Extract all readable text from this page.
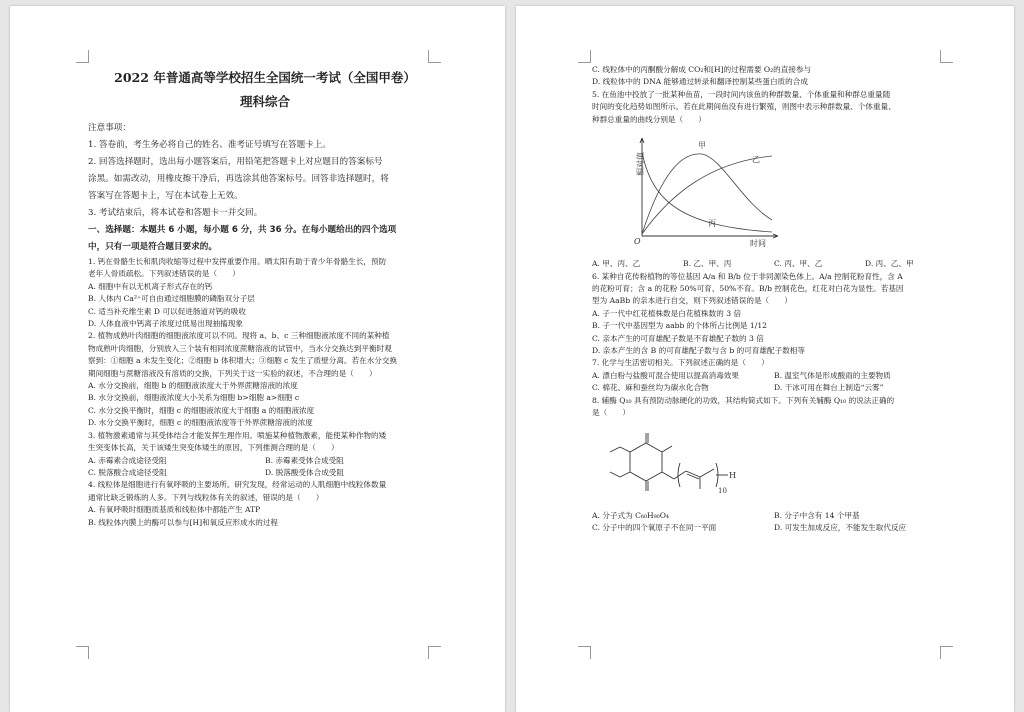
2022 年普通高等学校招生全国统一考试（全国甲卷）
理科综合
注意事项：
1. 答卷前，考生务必将自己的姓名、准考证号填写在答题卡上。
2. 回答选择题时，选出每小题答案后，用铅笔把答题卡上对应题目的答案标号
涂黑。如需改动，用橡皮擦干净后，再选涂其他答案标号。回答非选择题时，将
答案写在答题卡上，写在本试卷上无效。
3. 考试结束后，将本试卷和答题卡一并交回。
一、选择题：本题共 6 小题，每小题 6 分，共 36 分。在每小题给出的四个选项
中，只有一项是符合题目要求的。
1. 钙在骨骼生长和肌肉收缩等过程中发挥重要作用。晒太阳有助于青少年骨骼生长，预防
老年人骨质疏松。下列叙述错误的是（　　）
A. 细胞中有以无机离子形式存在的钙
B. 人体内 Ca²⁺可自由通过细胞膜的磷脂双分子层
C. 适当补充维生素 D 可以促进肠道对钙的吸收
D. 人体血液中钙离子浓度过低易出现抽搐现象
2. 植物成熟叶肉细胞的细胞液浓度可以不同。现将 a、b、c 三种细胞液浓度不同的某种植
物成熟叶肉细胞，分别放入三个装有相同浓度蔗糖溶液的试管中，当水分交换达到平衡时观
察到：①细胞 a 未发生变化；②细胞 b 体积增大；③细胞 c 发生了质壁分离。若在水分交换
期间细胞与蔗糖溶液没有溶质的交换，下列关于这一实验的叙述，不合理的是（　　）
A. 水分交换前，细胞 b 的细胞液浓度大于外界蔗糖溶液的浓度
B. 水分交换前，细胞液浓度大小关系为细胞 b>细胞 a>细胞 c
C. 水分交换平衡时，细胞 c 的细胞液浓度大于细胞 a 的细胞液浓度
D. 水分交换平衡时，细胞 c 的细胞液浓度等于外界蔗糖溶液的浓度
3. 植物激素通常与其受体结合才能发挥生理作用。喷施某种植物激素，能使某种作物的矮
生突变体长高，关于该矮生突变体矮生的原因，下列推测合理的是（　　）
A. 赤霉素合成途径受阻	B. 赤霉素受体合成受阻
C. 脱落酸合成途径受阻	D. 脱落酸受体合成受阻
4. 线粒体是细胞进行有氧呼吸的主要场所。研究发现，经常运动的人肌细胞中线粒体数量
通常比缺乏锻炼的人多。下列与线粒体有关的叙述，错误的是（　　）
A. 有氧呼吸时细胞质基质和线粒体中都能产生 ATP
B. 线粒体内膜上的酶可以参与[H]和氧反应形成水的过程
C. 线粒体中的丙酮酸分解成 CO₂和[H]的过程需要 O₂的直接参与
D. 线粒体中的 DNA 能够通过转录和翻译控制某些蛋白质的合成
5. 在鱼池中投放了一批某种鱼苗，一段时间内该鱼的种群数量、个体重量和种群总重量随
时间的变化趋势如图所示。若在此期间鱼没有进行繁殖，则图中表示种群数量、个体重量、
种群总重量的曲线分别是（　　）
相对值
时间
O
甲
乙
丙
A. 甲、丙、乙	B. 乙、甲、丙	C. 丙、甲、乙	D. 丙、乙、甲
6. 某种自花传粉植物的等位基因 A/a 和 B/b 位于非同源染色体上。A/a 控制花粉育性，含 A
的花粉可育；含 a 的花粉 50%可育、50%不育。B/b 控制花色，红花对白花为显性。若基因
型为 AaBb 的亲本进行自交，则下列叙述错误的是（　　）
A. 子一代中红花植株数是白花植株数的 3 倍
B. 子一代中基因型为 aabb 的个体所占比例是 1/12
C. 亲本产生的可育雄配子数是不育雄配子数的 3 倍
D. 亲本产生的含 B 的可育雄配子数与含 b 的可育雄配子数相等
7. 化学与生活密切相关。下列叙述正确的是（　　）
A. 漂白粉与盐酸可混合使用以提高消毒效果	B. 温室气体是形成酸雨的主要物质
C. 棉花、麻和蚕丝均为碳水化合物	D. 干冰可用在舞台上制造“云雾”
8. 辅酶 Q₁₀ 具有预防动脉硬化的功效，其结构简式如下。下列有关辅酶 Q₁₀ 的说法正确的
是（　　）
10
H
A. 分子式为 C₆₀H₉₀O₄	B. 分子中含有 14 个甲基
C. 分子中的四个氧原子不在同一平面	D. 可发生加成反应，不能发生取代反应
